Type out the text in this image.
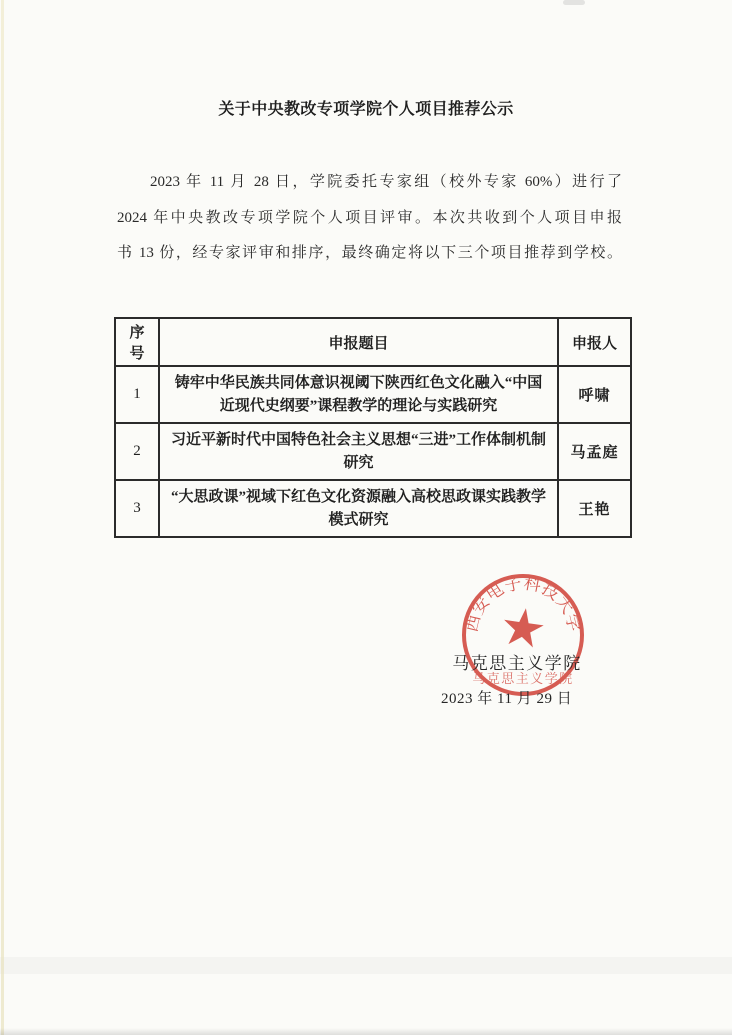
关于中央教改专项学院个人项目推荐公示
2023 年 11 月 28 日，学院委托专家组（校外专家 60%）进行了
2024 年中央教改专项学院个人项目评审。本次共收到个人项目申报
书 13 份，经专家评审和排序，最终确定将以下三个项目推荐到学校。
序号	申报题目	申报人
1	铸牢中华民族共同体意识视阈下陕西红色文化融入“中国近现代史纲要”课程教学的理论与实践研究	呼啸
2	习近平新时代中国特色社会主义思想“三进”工作体制机制研究	马孟庭
3	“大思政课”视域下红色文化资源融入高校思政课实践教学模式研究	王艳
西安电子科技大学
马克思主义学院
马克思主义学院
2023 年 11 月 29 日
